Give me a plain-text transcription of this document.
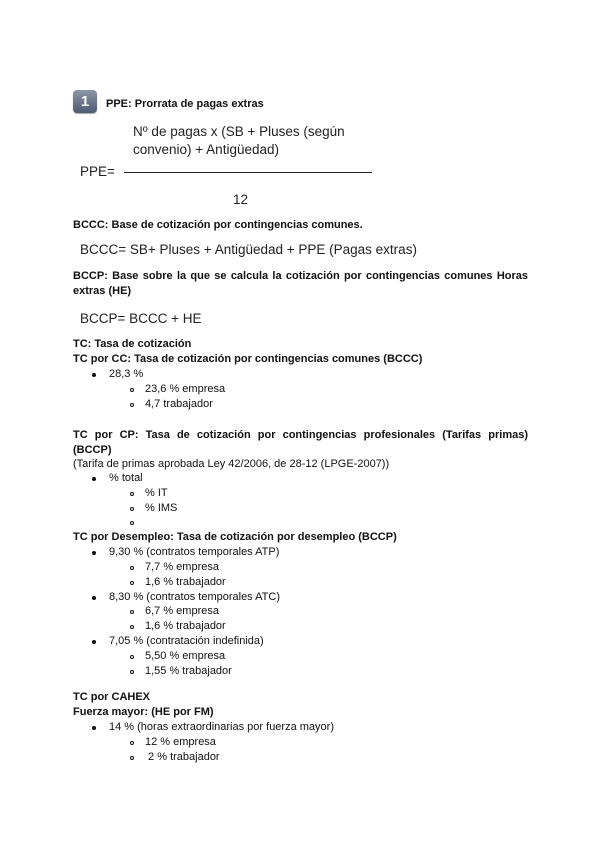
1	PPE: Prorrata de pagas extras
Nº de pagas x (SB + Pluses (según
convenio) + Antigüedad)
PPE=
12
BCCC: Base de cotización por contingencias comunes.
BCCC= SB+ Pluses + Antigüedad + PPE (Pagas extras)
BCCP: Base sobre la que se calcula la cotización por contingencias comunes Horas extras (HE)
BCCP= BCCC + HE
TC: Tasa de cotización
TC por CC: Tasa de cotización por contingencias comunes (BCCC)
28,3 %
23,6 % empresa
4,7 trabajador
TC por CP: Tasa de cotización por contingencias profesionales (Tarifas primas) (BCCP)
(Tarifa de primas aprobada Ley 42/2006, de 28-12 (LPGE-2007))
% total
% IT
% IMS
TC por Desempleo: Tasa de cotización por desempleo (BCCP)
9,30 % (contratos temporales ATP)
7,7 % empresa
1,6 % trabajador
8,30 % (contratos temporales ATC)
6,7 % empresa
1,6 % trabajador
7,05 % (contratación indefinida)
5,50 % empresa
1,55 % trabajador
TC por CAHEX
Fuerza mayor: (HE por FM)
14 % (horas extraordinarias por fuerza mayor)
12 % empresa
2 % trabajador
